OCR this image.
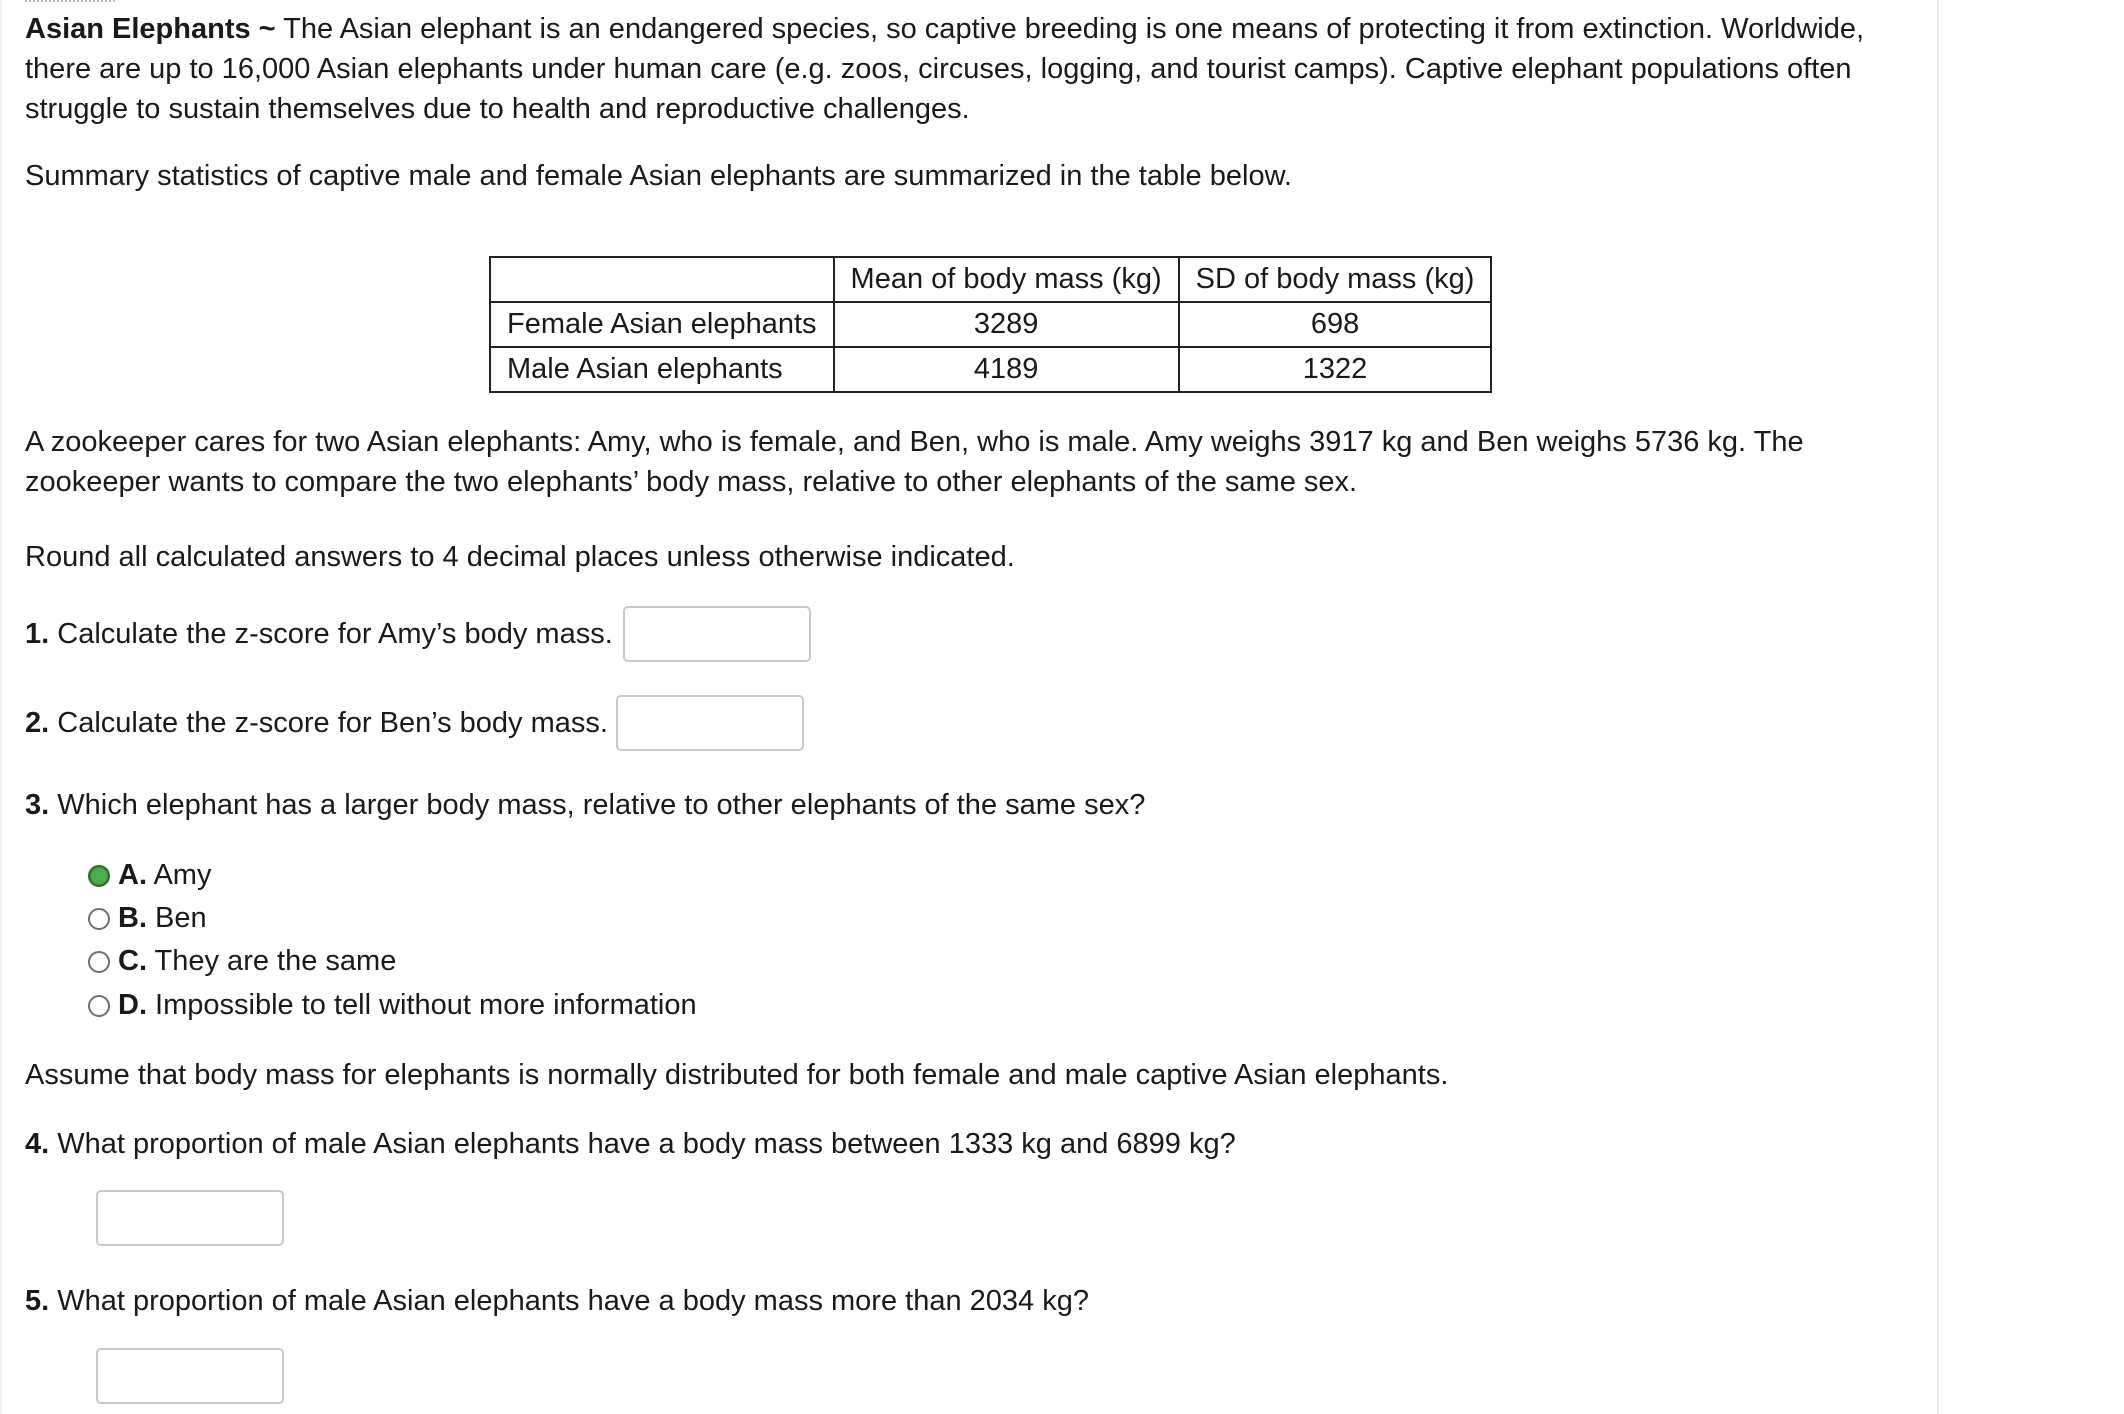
Asian Elephants ~ The Asian elephant is an endangered species, so captive breeding is one means of protecting it from extinction. Worldwide, there are up to 16,000 Asian elephants under human care (e.g. zoos, circuses, logging, and tourist camps). Captive elephant populations often struggle to sustain themselves due to health and reproductive challenges.

Summary statistics of captive male and female Asian elephants are summarized in the table below.
	Mean of body mass (kg)	SD of body mass (kg)
Female Asian elephants	3289	698
Male Asian elephants	4189	1322

A zookeeper cares for two Asian elephants: Amy, who is female, and Ben, who is male. Amy weighs 3917 kg and Ben weighs 5736 kg. The zookeeper wants to compare the two elephants’ body mass, relative to other elephants of the same sex.

Round all calculated answers to 4 decimal places unless otherwise indicated.
1. Calculate the z-score for Amy’s body mass.
2. Calculate the z-score for Ben’s body mass.
3. Which elephant has a larger body mass, relative to other elephants of the same sex?
A. Amy
B. Ben
C. They are the same
D. Impossible to tell without more information
Assume that body mass for elephants is normally distributed for both female and male captive Asian elephants.
4. What proportion of male Asian elephants have a body mass between 1333 kg and 6899 kg?
5. What proportion of male Asian elephants have a body mass more than 2034 kg?
